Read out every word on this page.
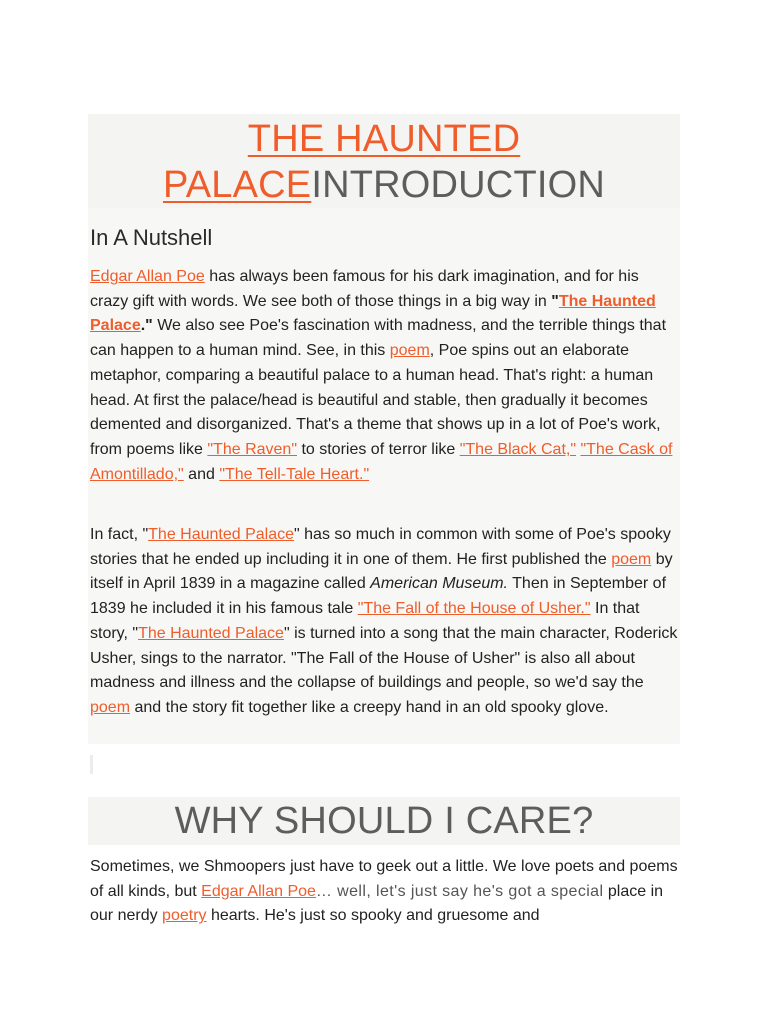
THE HAUNTED PALACEINTRODUCTION
In A Nutshell

Edgar Allan Poe has always been famous for his dark imagination, and for his crazy gift with words. We see both of those things in a big way in "The Haunted Palace." We also see Poe's fascination with madness, and the terrible things that can happen to a human mind. See, in this poem, Poe spins out an elaborate metaphor, comparing a beautiful palace to a human head. That's right: a human head. At first the palace/head is beautiful and stable, then gradually it becomes demented and disorganized. That's a theme that shows up in a lot of Poe's work, from poems like "The Raven" to stories of terror like "The Black Cat," "The Cask of Amontillado," and "The Tell-Tale Heart."

In fact, "The Haunted Palace" has so much in common with some of Poe's spooky stories that he ended up including it in one of them. He first published the poem by itself in April 1839 in a magazine called American Museum. Then in September of 1839 he included it in his famous tale "The Fall of the House of Usher." In that story, "The Haunted Palace" is turned into a song that the main character, Roderick Usher, sings to the narrator. "The Fall of the House of Usher" is also all about madness and illness and the collapse of buildings and people, so we'd say the poem and the story fit together like a creepy hand in an old spooky glove.

WHY SHOULD I CARE?

Sometimes, we Shmoopers just have to geek out a little. We love poets and poems of all kinds, but Edgar Allan Poe… well, let's just say he's got a special place in our nerdy poetry hearts. He's just so spooky and gruesome and
